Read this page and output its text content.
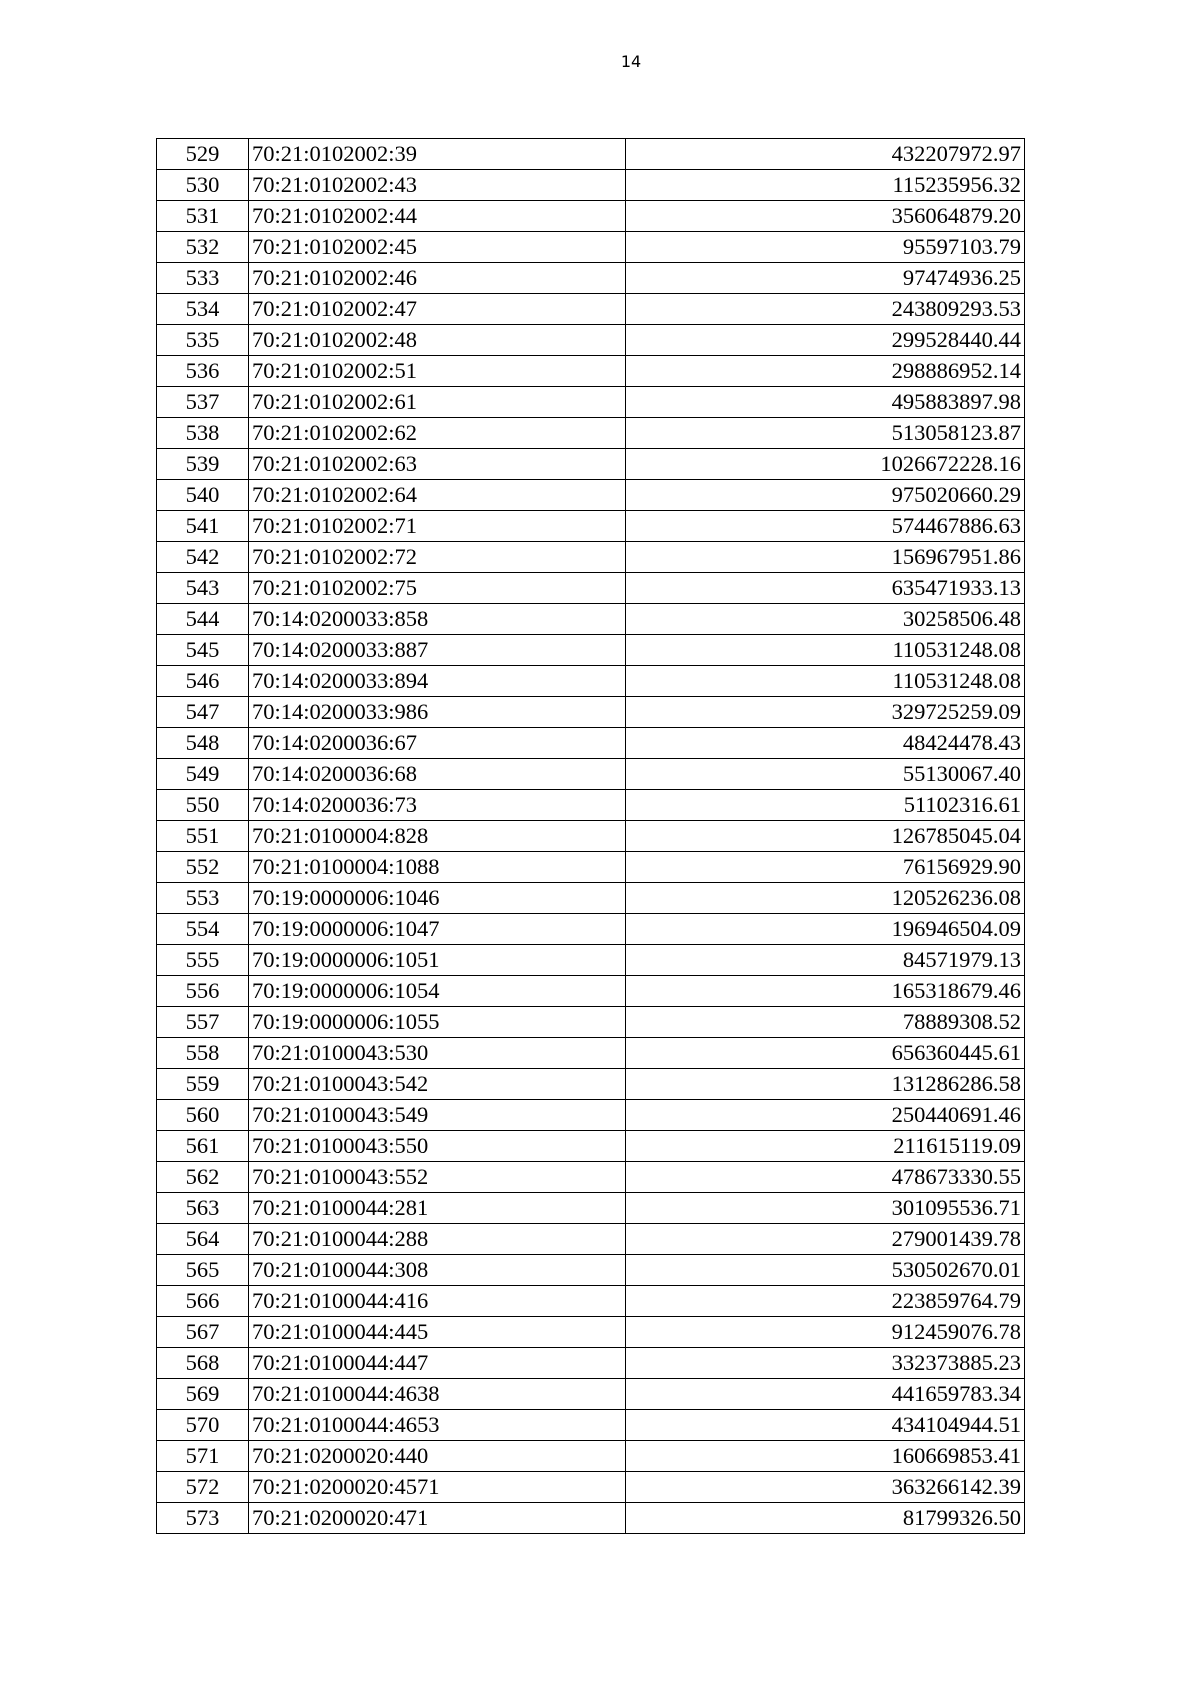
14
529	70:21:0102002:39	432207972.97
530	70:21:0102002:43	115235956.32
531	70:21:0102002:44	356064879.20
532	70:21:0102002:45	95597103.79
533	70:21:0102002:46	97474936.25
534	70:21:0102002:47	243809293.53
535	70:21:0102002:48	299528440.44
536	70:21:0102002:51	298886952.14
537	70:21:0102002:61	495883897.98
538	70:21:0102002:62	513058123.87
539	70:21:0102002:63	1026672228.16
540	70:21:0102002:64	975020660.29
541	70:21:0102002:71	574467886.63
542	70:21:0102002:72	156967951.86
543	70:21:0102002:75	635471933.13
544	70:14:0200033:858	30258506.48
545	70:14:0200033:887	110531248.08
546	70:14:0200033:894	110531248.08
547	70:14:0200033:986	329725259.09
548	70:14:0200036:67	48424478.43
549	70:14:0200036:68	55130067.40
550	70:14:0200036:73	51102316.61
551	70:21:0100004:828	126785045.04
552	70:21:0100004:1088	76156929.90
553	70:19:0000006:1046	120526236.08
554	70:19:0000006:1047	196946504.09
555	70:19:0000006:1051	84571979.13
556	70:19:0000006:1054	165318679.46
557	70:19:0000006:1055	78889308.52
558	70:21:0100043:530	656360445.61
559	70:21:0100043:542	131286286.58
560	70:21:0100043:549	250440691.46
561	70:21:0100043:550	211615119.09
562	70:21:0100043:552	478673330.55
563	70:21:0100044:281	301095536.71
564	70:21:0100044:288	279001439.78
565	70:21:0100044:308	530502670.01
566	70:21:0100044:416	223859764.79
567	70:21:0100044:445	912459076.78
568	70:21:0100044:447	332373885.23
569	70:21:0100044:4638	441659783.34
570	70:21:0100044:4653	434104944.51
571	70:21:0200020:440	160669853.41
572	70:21:0200020:4571	363266142.39
573	70:21:0200020:471	81799326.50
